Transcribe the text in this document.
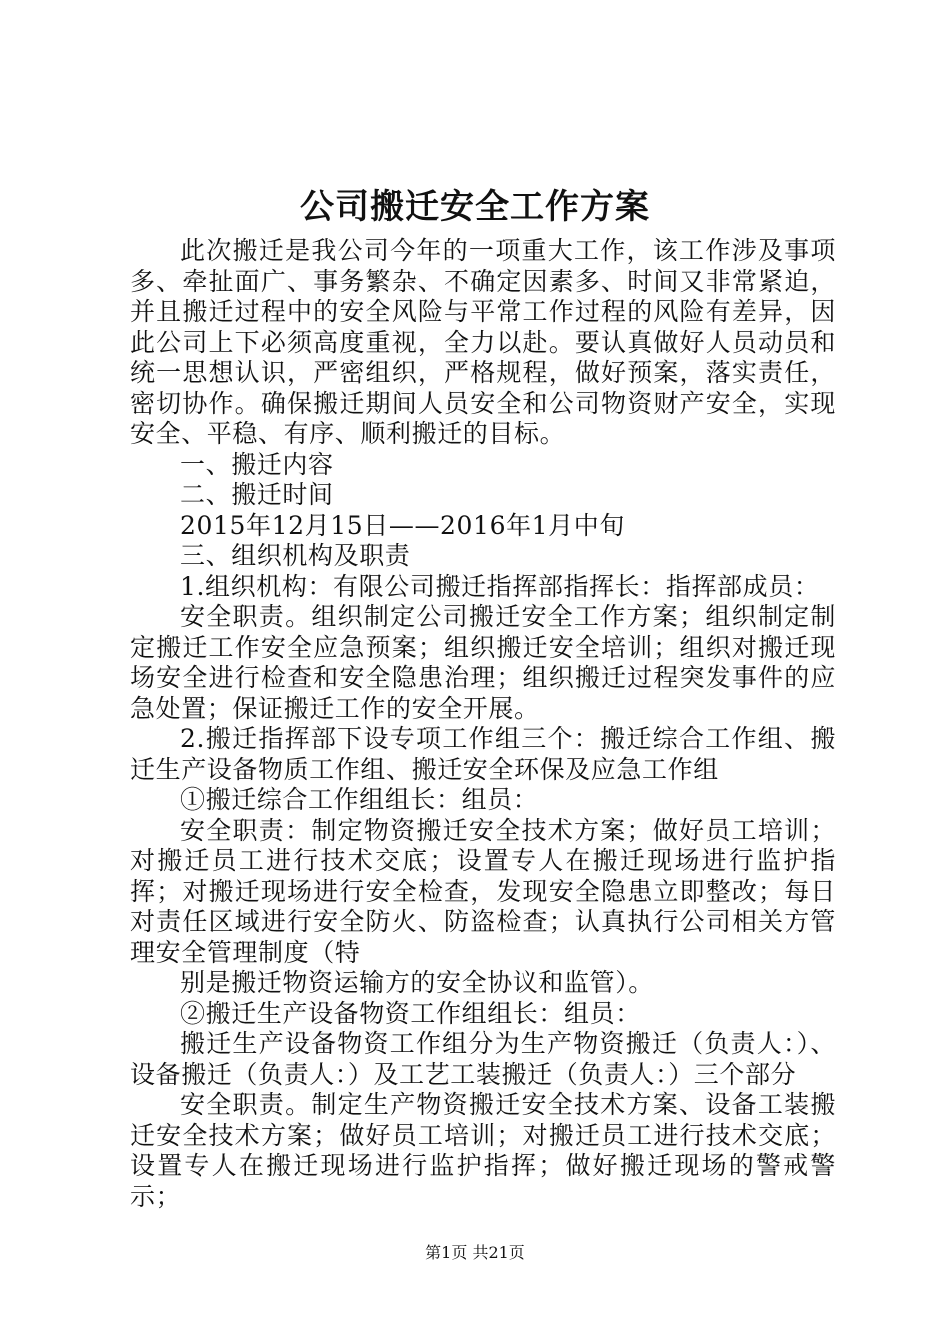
公司搬迁安全工作方案

此次搬迁是我公司今年的一项重大工作，该工作涉及事项多、牵扯面广、事务繁杂、不确定因素多、时间又非常紧迫，并且搬迁过程中的安全风险与平常工作过程的风险有差异，因此公司上下必须高度重视，全力以赴。要认真做好人员动员和统一思想认识，严密组织，严格规程，做好预案，落实责任，密切协作。确保搬迁期间人员安全和公司物资财产安全，实现安全、平稳、有序、顺利搬迁的目标。

一、搬迁内容

二、搬迁时间

2015年12月15日——2016年1月中旬

三、组织机构及职责

1.组织机构：有限公司搬迁指挥部指挥长：指挥部成员：

安全职责。组织制定公司搬迁安全工作方案；组织制定制定搬迁工作安全应急预案；组织搬迁安全培训；组织对搬迁现场安全进行检查和安全隐患治理；组织搬迁过程突发事件的应急处置；保证搬迁工作的安全开展。

2.搬迁指挥部下设专项工作组三个：搬迁综合工作组、搬迁生产设备物质工作组、搬迁安全环保及应急工作组

①搬迁综合工作组组长：组员：

安全职责：制定物资搬迁安全技术方案；做好员工培训；对搬迁员工进行技术交底；设置专人在搬迁现场进行监护指挥；对搬迁现场进行安全检查，发现安全隐患立即整改；每日对责任区域进行安全防火、防盗检查；认真执行公司相关方管理安全管理制度（特

别是搬迁物资运输方的安全协议和监管）。

②搬迁生产设备物资工作组组长：组员：

搬迁生产设备物资工作组分为生产物资搬迁（负责人：）、设备搬迁（负责人：）及工艺工装搬迁（负责人：）三个部分

安全职责。制定生产物资搬迁安全技术方案、设备工装搬迁安全技术方案；做好员工培训；对搬迁员工进行技术交底；设置专人在搬迁现场进行监护指挥；做好搬迁现场的警戒警示；

第1页 共21页
